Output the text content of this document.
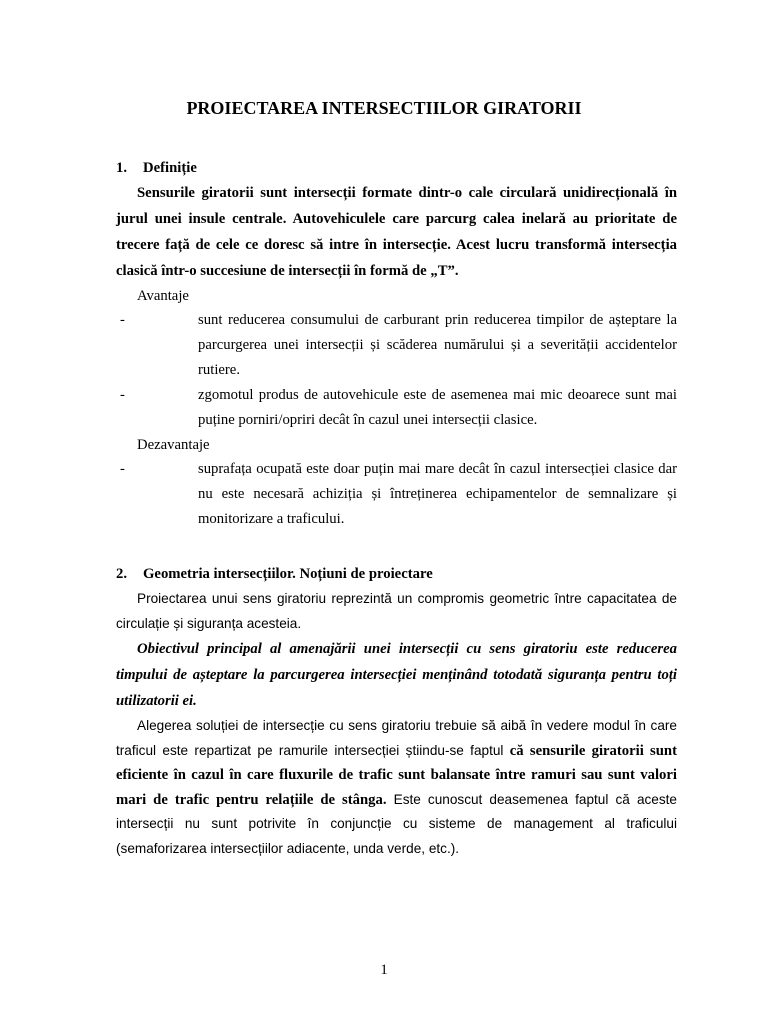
PROIECTAREA INTERSECTIILOR GIRATORII
1.	Definiție

Sensurile giratorii sunt intersecții formate dintr-o cale circulară unidirecțională în jurul unei insule centrale. Autovehiculele care parcurg calea inelară au prioritate de trecere față de cele ce doresc să intre în intersecție. Acest lucru transformă intersecția clasică într-o succesiune de intersecții în formă de „T”.

Avantaje
-	sunt reducerea consumului de carburant prin reducerea timpilor de așteptare la parcurgerea unei intersecții și scăderea numărului și a severității accidentelor rutiere.
-	zgomotul produs de autovehicule este de asemenea mai mic deoarece sunt mai puține porniri/opriri decât în cazul unei intersecții clasice.
Dezavantaje
-	suprafața ocupată este doar puțin mai mare decât în cazul intersecției clasice dar nu este necesară achiziția și întreținerea echipamentelor de semnalizare și monitorizare a traficului.
2.	Geometria intersecțiilor. Noțiuni de proiectare

Proiectarea unui sens giratoriu reprezintă un compromis geometric între capacitatea de circulație și siguranța acesteia.

Obiectivul principal al amenajării unei intersecții cu sens giratoriu este reducerea timpului de așteptare la parcurgerea intersecției menținând totodată siguranța pentru toți utilizatorii ei.

Alegerea soluției de intersecție cu sens giratoriu trebuie să aibă în vedere modul în care traficul este repartizat pe ramurile intersecției știindu-se faptul că sensurile giratorii sunt eficiente în cazul în care fluxurile de trafic sunt balansate între ramuri sau sunt valori mari de trafic pentru relațiile de stânga. Este cunoscut deasemenea faptul că aceste intersecții nu sunt potrivite în conjuncție cu sisteme de management al traficului (semaforizarea intersecțiilor adiacente, unda verde, etc.).

1
